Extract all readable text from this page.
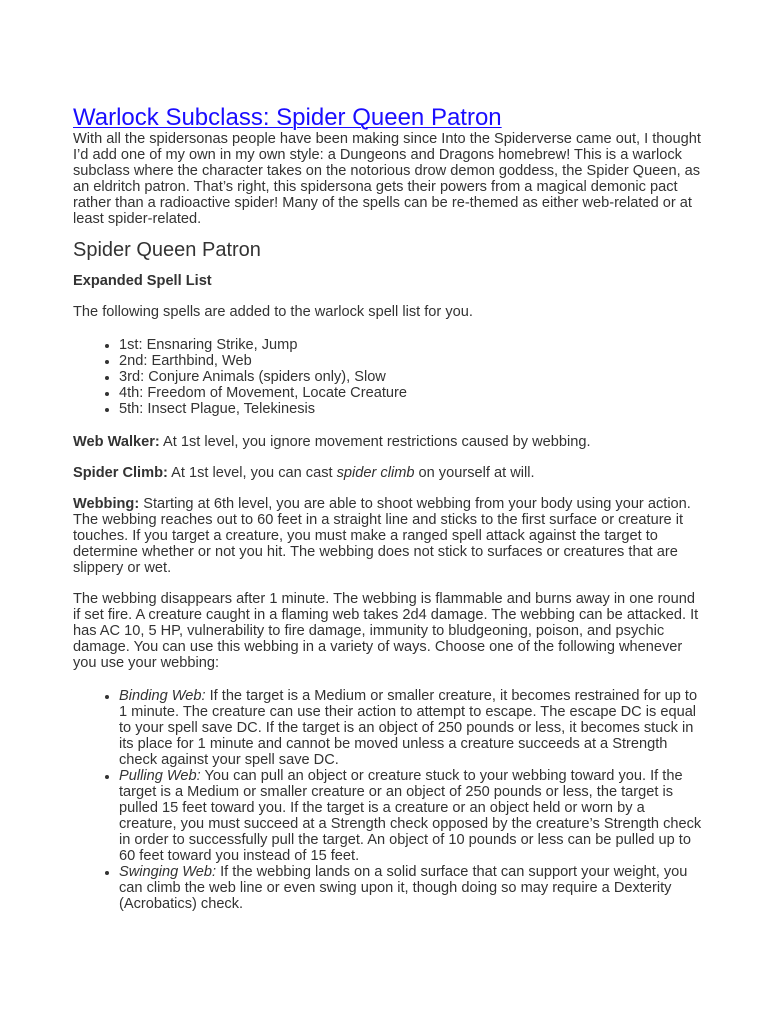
Warlock Subclass: Spider Queen Patron

With all the spidersonas people have been making since Into the Spiderverse came out, I thought I’d add one of my own in my own style: a Dungeons and Dragons homebrew! This is a warlock subclass where the character takes on the notorious drow demon goddess, the Spider Queen, as an eldritch patron. That’s right, this spidersona gets their powers from a magical demonic pact rather than a radioactive spider! Many of the spells can be re-themed as either web-related or at least spider-related.

Spider Queen Patron

Expanded Spell List

The following spells are added to the warlock spell list for you.

• 1st: Ensnaring Strike, Jump
• 2nd: Earthbind, Web
• 3rd: Conjure Animals (spiders only), Slow
• 4th: Freedom of Movement, Locate Creature
• 5th: Insect Plague, Telekinesis

Web Walker: At 1st level, you ignore movement restrictions caused by webbing.

Spider Climb: At 1st level, you can cast spider climb on yourself at will.

Webbing: Starting at 6th level, you are able to shoot webbing from your body using your action. The webbing reaches out to 60 feet in a straight line and sticks to the first surface or creature it touches. If you target a creature, you must make a ranged spell attack against the target to determine whether or not you hit. The webbing does not stick to surfaces or creatures that are slippery or wet.

The webbing disappears after 1 minute. The webbing is flammable and burns away in one round if set fire. A creature caught in a flaming web takes 2d4 damage. The webbing can be attacked. It has AC 10, 5 HP, vulnerability to fire damage, immunity to bludgeoning, poison, and psychic damage. You can use this webbing in a variety of ways. Choose one of the following whenever you use your webbing:

• Binding Web: If the target is a Medium or smaller creature, it becomes restrained for up to 1 minute. The creature can use their action to attempt to escape. The escape DC is equal to your spell save DC. If the target is an object of 250 pounds or less, it becomes stuck in its place for 1 minute and cannot be moved unless a creature succeeds at a Strength check against your spell save DC.
• Pulling Web: You can pull an object or creature stuck to your webbing toward you. If the target is a Medium or smaller creature or an object of 250 pounds or less, the target is pulled 15 feet toward you. If the target is a creature or an object held or worn by a creature, you must succeed at a Strength check opposed by the creature’s Strength check in order to successfully pull the target. An object of 10 pounds or less can be pulled up to 60 feet toward you instead of 15 feet.
• Swinging Web: If the webbing lands on a solid surface that can support your weight, you can climb the web line or even swing upon it, though doing so may require a Dexterity (Acrobatics) check.
